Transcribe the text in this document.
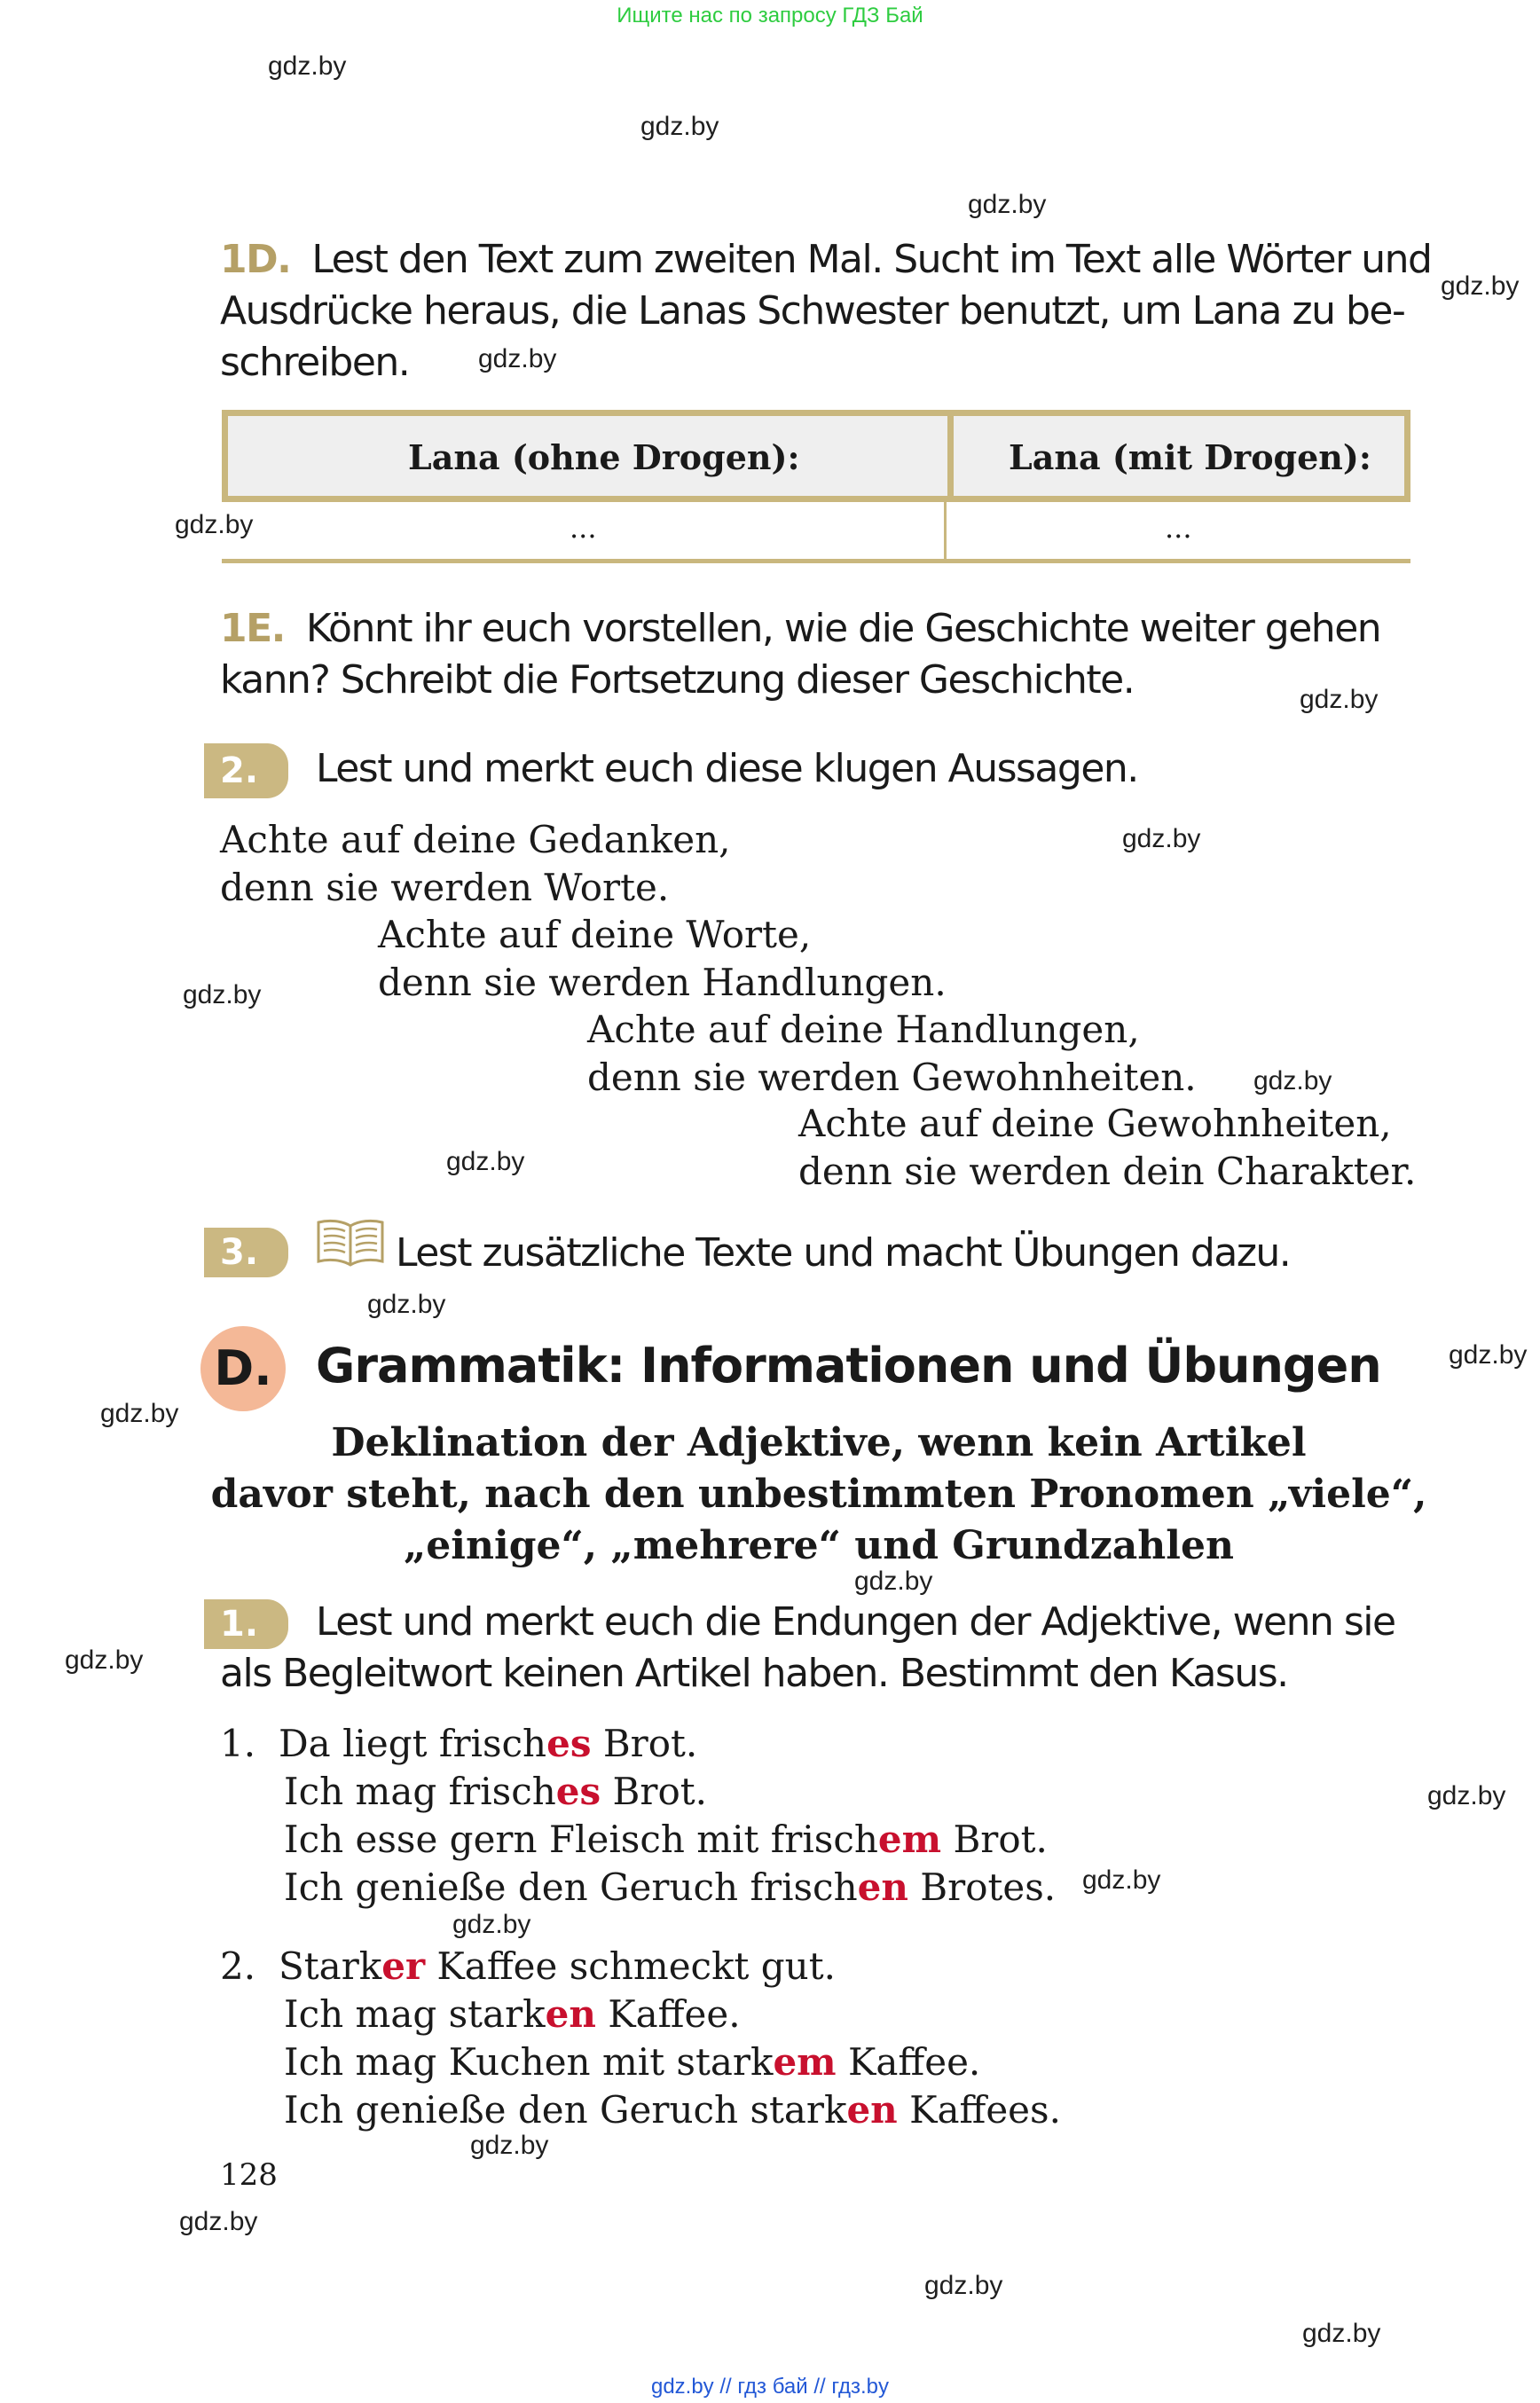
Ищите нас по запросу ГДЗ Бай
gdz.by
gdz.by
gdz.by
gdz.by
gdz.by
gdz.by
gdz.by
gdz.by
gdz.by
gdz.by
gdz.by
gdz.by
gdz.by
gdz.by
gdz.by
gdz.by
gdz.by
gdz.by
gdz.by
gdz.by
gdz.by
gdz.by
gdz.by
1D. Lest den Text zum zweiten Mal. Sucht im Text alle Wörter und
Ausdrücke heraus, die Lanas Schwester benutzt, um Lana zu be-
schreiben.
Lana (ohne Drogen):	Lana (mit Drogen):
...	...
1E. Könnt ihr euch vorstellen, wie die Geschichte weiter gehen
kann? Schreibt die Fortsetzung dieser Geschichte.
2.	Lest und merkt euch diese klugen Aussagen.
Achte auf deine Gedanken,
denn sie werden Worte.
Achte auf deine Worte,
denn sie werden Handlungen.
Achte auf deine Handlungen,
denn sie werden Gewohnheiten.
Achte auf deine Gewohnheiten,
denn sie werden dein Charakter.
3.	Lest zusätzliche Texte und macht Übungen dazu.
D. Grammatik: Informationen und Übungen
Deklination der Adjektive, wenn kein Artikel
davor steht, nach den unbestimmten Pronomen „viele“,
„einige“, „mehrere“ und Grundzahlen
1.	Lest und merkt euch die Endungen der Adjektive, wenn sie
als Begleitwort keinen Artikel haben. Bestimmt den Kasus.
1. Da liegt frisches Brot.
Ich mag frisches Brot.
Ich esse gern Fleisch mit frischem Brot.
Ich genieße den Geruch frischen Brotes.
2. Starker Kaffee schmeckt gut.
Ich mag starken Kaffee.
Ich mag Kuchen mit starkem Kaffee.
Ich genieße den Geruch starken Kaffees.
128
gdz.by // гдз бай // гдз.by
